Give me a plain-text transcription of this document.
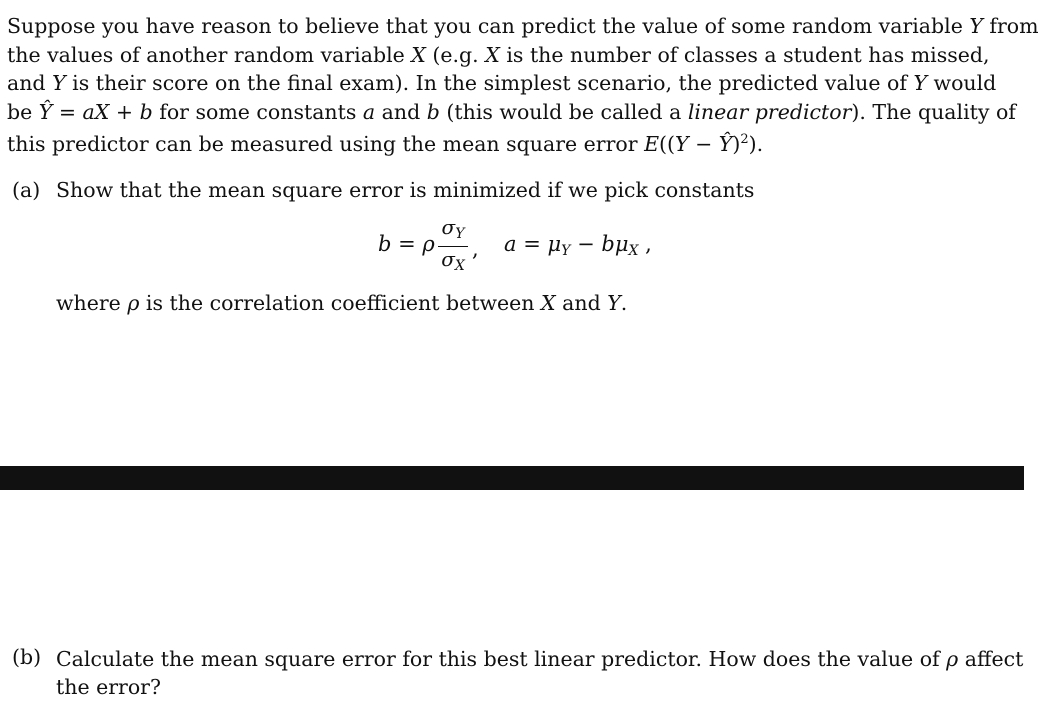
Suppose you have reason to believe that you can predict the value of some random variable Y from
the values of another random variable X (e.g. X is the number of classes a student has missed,
and Y is their score on the final exam). In the simplest scenario, the predicted value of Y would
be Ŷ = aX + b for some constants a and b (this would be called a linear predictor). The quality of
this predictor can be measured using the mean square error E((Y − Ŷ)$^2$).
(a) Show that the mean square error is minimized if we pick constants
b = ρ
$\sigma_Y$
$\sigma_X$
,	$a = \mu_Y - b\mu_X$ ,
where ρ is the correlation coefficient between X and Y.
(b) Calculate the mean square error for this best linear predictor. How does the value of ρ affect
the error?
